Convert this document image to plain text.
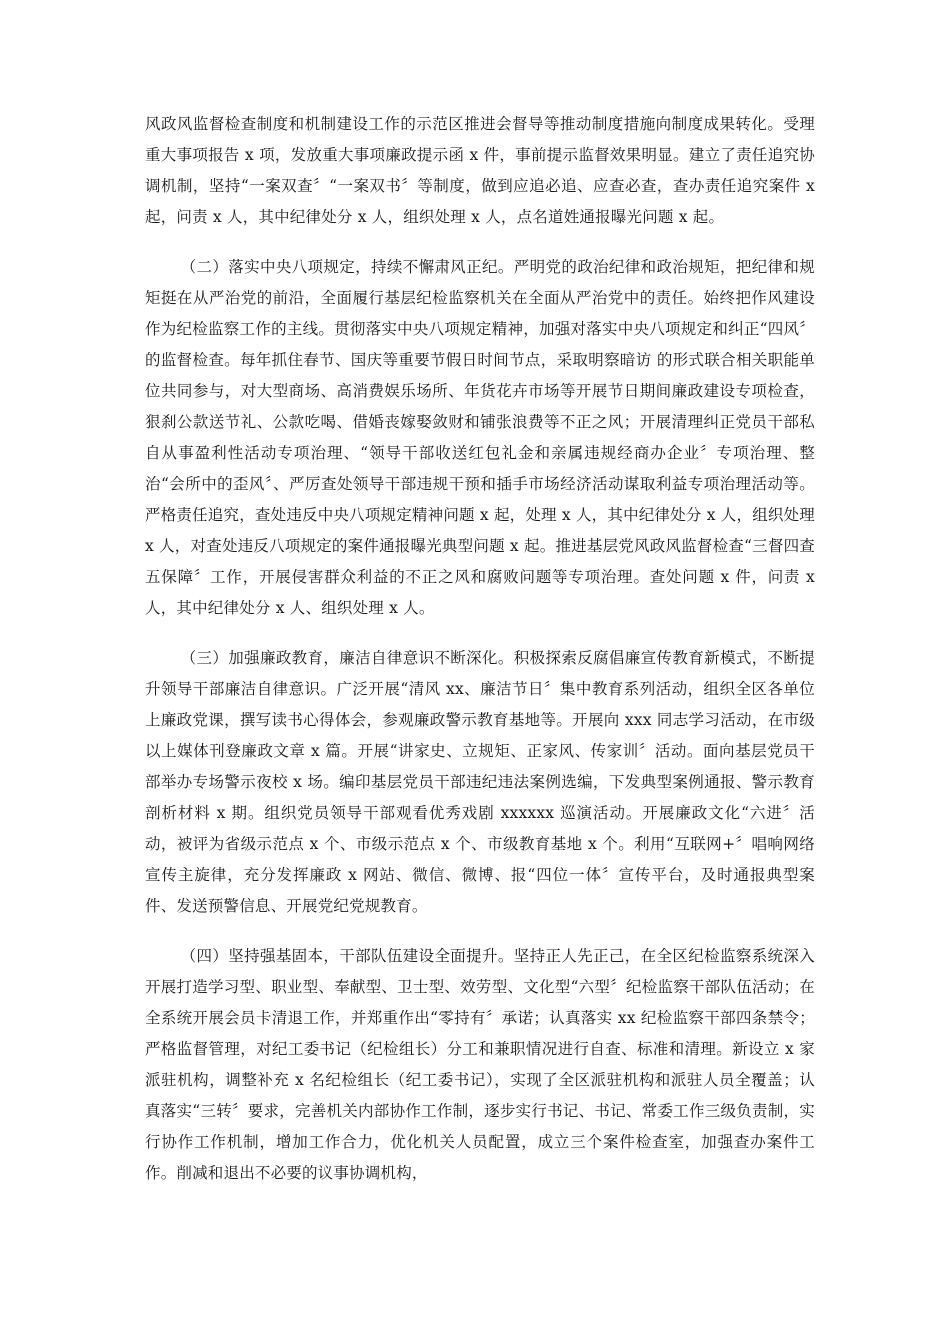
风政风监督检查制度和机制建设工作的示范区推进会督导等推动制度措施向制度成果转化。受理重大事项报告 x 项，发放重大事项廉政提示函 x 件，事前提示监督效果明显。建立了责任追究协调机制，坚持“一案双查〞“一案双书〞等制度，做到应追必追、应查必查，查办责任追究案件 x 起，问责 x 人，其中纪律处分 x 人，组织处理 x 人，点名道姓通报曝光问题 x 起。

（二）落实中央八项规定，持续不懈肃风正纪。严明党的政治纪律和政治规矩，把纪律和规矩挺在从严治党的前沿，全面履行基层纪检监察机关在全面从严治党中的责任。始终把作风建设作为纪检监察工作的主线。贯彻落实中央八项规定精神，加强对落实中央八项规定和纠正“四风〞的监督检查。每年抓住春节、国庆等重要节假日时间节点，采取明察暗访 的形式联合相关职能单位共同参与，对大型商场、高消费娱乐场所、年货花卉市场等开展节日期间廉政建设专项检查，狠刹公款送节礼、公款吃喝、借婚丧嫁娶敛财和铺张浪费等不正之风；开展清理纠正党员干部私自从事盈利性活动专项治理、“领导干部收送红包礼金和亲属违规经商办企业〞专项治理、整治“会所中的歪风〞、严厉查处领导干部违规干预和插手市场经济活动谋取利益专项治理活动等。严格责任追究，查处违反中央八项规定精神问题 x 起，处理 x 人，其中纪律处分 x 人，组织处理 x 人，对查处违反八项规定的案件通报曝光典型问题 x 起。推进基层党风政风监督检查“三督四查五保障〞工作，开展侵害群众利益的不正之风和腐败问题等专项治理。查处问题 x 件，问责 x 人，其中纪律处分 x 人、组织处理 x 人。

（三）加强廉政教育，廉洁自律意识不断深化。积极探索反腐倡廉宣传教育新模式，不断提升领导干部廉洁自律意识。广泛开展“清风 xx、廉洁节日〞集中教育系列活动，组织全区各单位上廉政党课，撰写读书心得体会，参观廉政警示教育基地等。开展向 xxx 同志学习活动，在市级以上媒体刊登廉政文章 x 篇。开展“讲家史、立规矩、正家风、传家训〞活动。面向基层党员干部举办专场警示夜校 x 场。编印基层党员干部违纪违法案例选编，下发典型案例通报、警示教育剖析材料 x 期。组织党员领导干部观看优秀戏剧 xxxxxx 巡演活动。开展廉政文化“六进〞活动，被评为省级示范点 x 个、市级示范点 x 个、市级教育基地 x 个。利用“互联网+〞唱响网络宣传主旋律，充分发挥廉政 x 网站、微信、微博、报“四位一体〞宣传平台，及时通报典型案件、发送预警信息、开展党纪党规教育。

（四）坚持强基固本，干部队伍建设全面提升。坚持正人先正己，在全区纪检监察系统深入开展打造学习型、职业型、奉献型、卫士型、效劳型、文化型“六型〞纪检监察干部队伍活动；在全系统开展会员卡清退工作，并郑重作出“零持有〞承诺；认真落实 xx 纪检监察干部四条禁令；严格监督管理，对纪工委书记（纪检组长）分工和兼职情况进行自查、标准和清理。新设立 x 家派驻机构，调整补充 x 名纪检组长（纪工委书记），实现了全区派驻机构和派驻人员全覆盖；认真落实“三转〞要求，完善机关内部协作工作制，逐步实行书记、书记、常委工作三级负责制，实行协作工作机制，增加工作合力，优化机关人员配置，成立三个案件检查室，加强查办案件工作。削减和退出不必要的议事协调机构，
